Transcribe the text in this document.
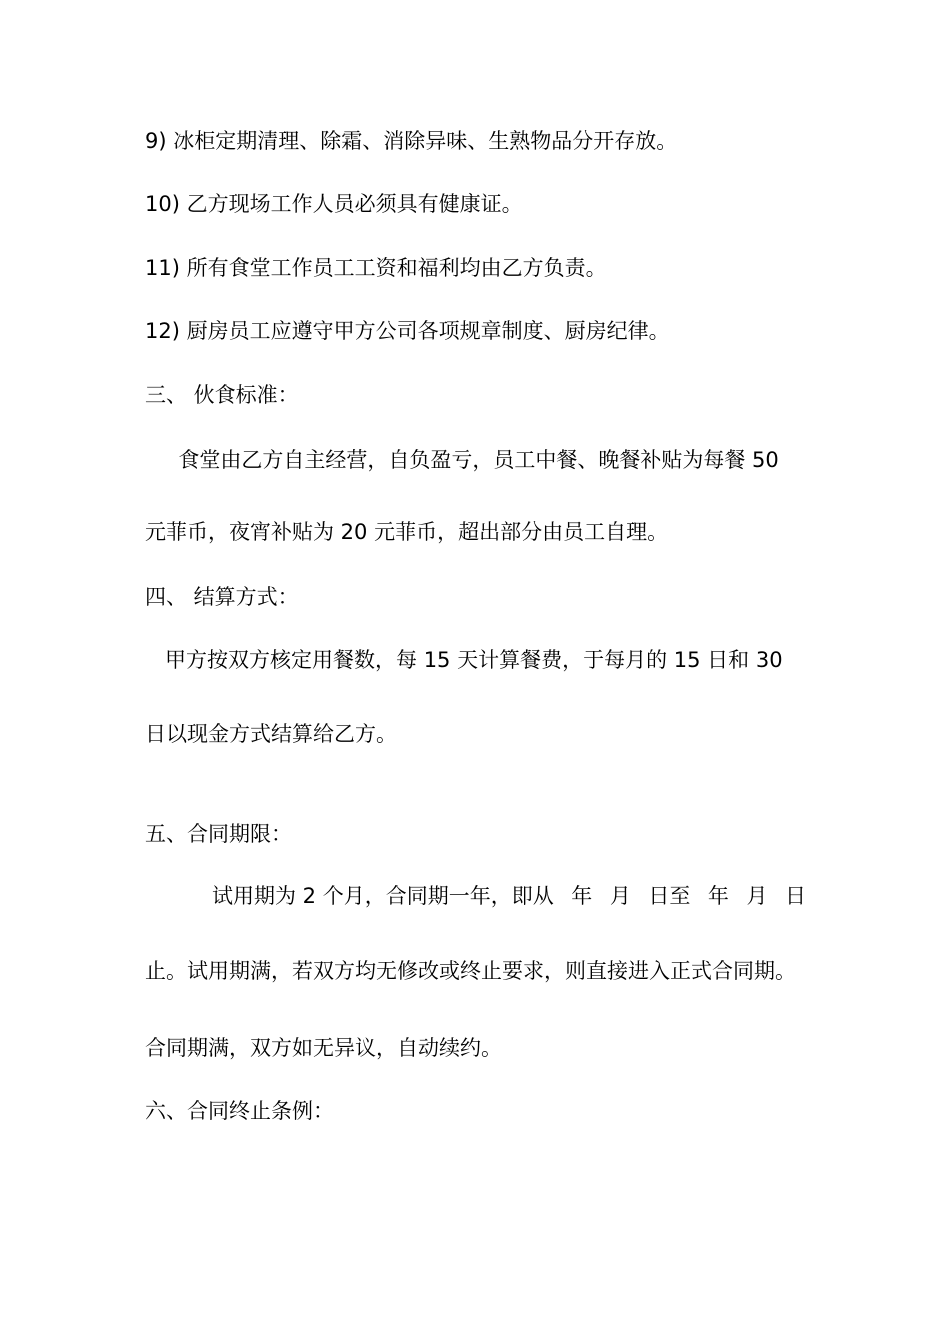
9) 冰柜定期清理、除霜、消除异味、生熟物品分开存放。
10) 乙方现场工作人员必须具有健康证。
11) 所有食堂工作员工工资和福利均由乙方负责。
12) 厨房员工应遵守甲方公司各项规章制度、厨房纪律。
三、 伙食标准：
食堂由乙方自主经营，自负盈亏，员工中餐、晚餐补贴为每餐 50
元菲币，夜宵补贴为 20 元菲币，超出部分由员工自理。
四、 结算方式：
甲方按双方核定用餐数，每 15 天计算餐费，于每月的 15 日和 30
日以现金方式结算给乙方。
五、合同期限：
试用期为 2 个月，合同期一年，即从 年 月 日至 年 月 日
止。试用期满，若双方均无修改或终止要求，则直接进入正式合同期。
合同期满，双方如无异议，自动续约。
六、合同终止条例：
